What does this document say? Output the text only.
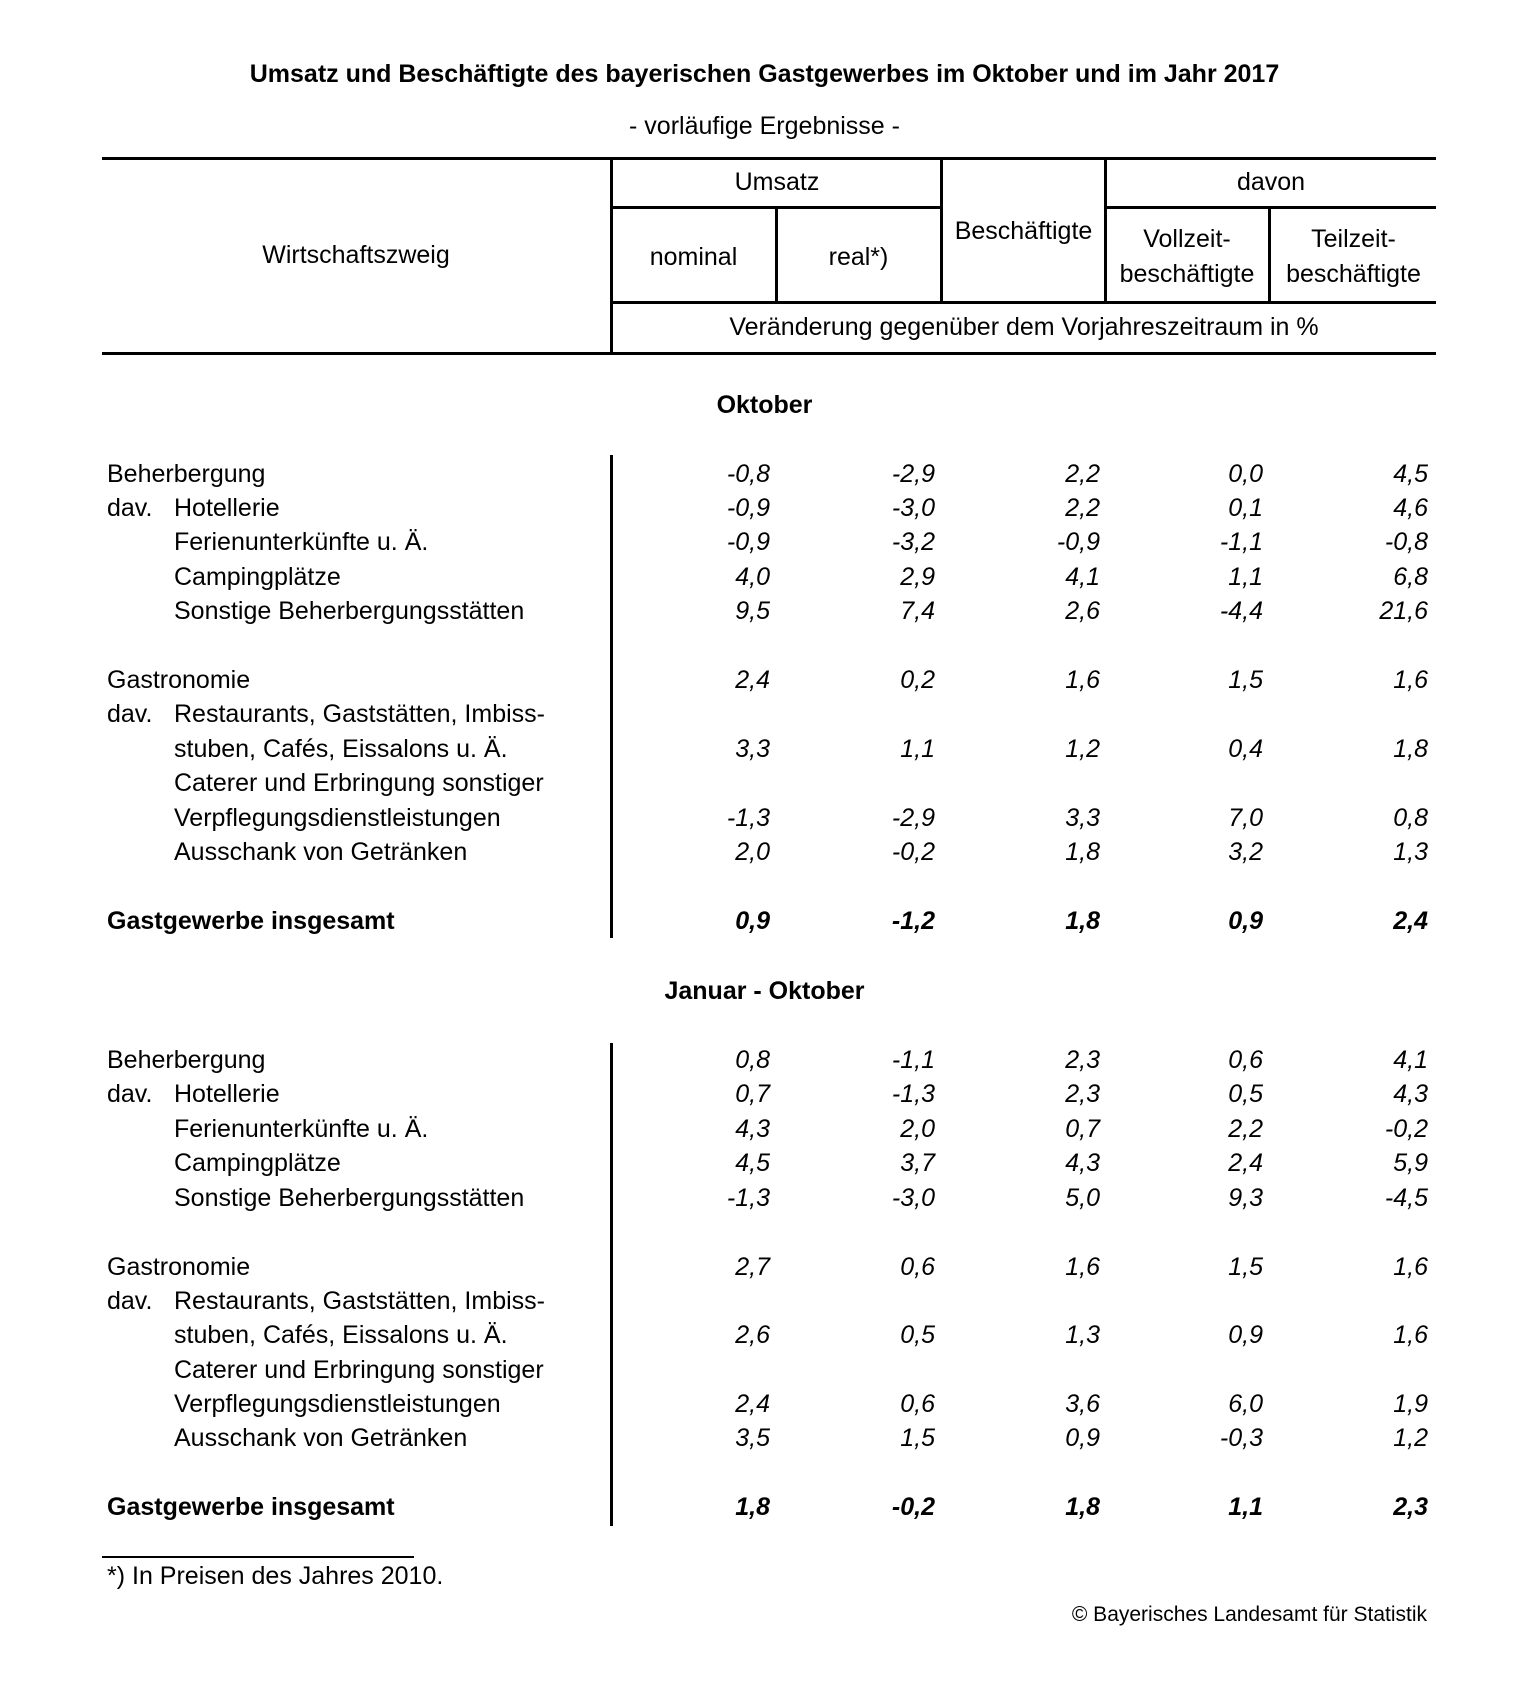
Umsatz und Beschäftigte des bayerischen Gastgewerbes im Oktober und im Jahr 2017
- vorläufige Ergebnisse -
Wirtschaftszweig
Umsatz
nominal	real*)
Beschäftigte
davon
Vollzeit-
beschäftigte
Teilzeit-
beschäftigte
Veränderung gegenüber dem Vorjahreszeitraum in %
Oktober
Beherbergung	-0,8	-2,9	2,2	0,0	4,5
dav. Hotellerie	-0,9	-3,0	2,2	0,1	4,6
Ferienunterkünfte u. Ä.	-0,9	-3,2	-0,9	-1,1	-0,8
Campingplätze	4,0	2,9	4,1	1,1	6,8
Sonstige Beherbergungsstätten	9,5	7,4	2,6	-4,4	21,6
Gastronomie	2,4	0,2	1,6	1,5	1,6
dav. Restaurants, Gaststätten, Imbiss-
stuben, Cafés, Eissalons u. Ä.	3,3	1,1	1,2	0,4	1,8
Caterer und Erbringung sonstiger
Verpflegungsdienstleistungen	-1,3	-2,9	3,3	7,0	0,8
Ausschank von Getränken	2,0	-0,2	1,8	3,2	1,3
Gastgewerbe insgesamt	0,9	-1,2	1,8	0,9	2,4
Januar - Oktober
Beherbergung	0,8	-1,1	2,3	0,6	4,1
dav. Hotellerie	0,7	-1,3	2,3	0,5	4,3
Ferienunterkünfte u. Ä.	4,3	2,0	0,7	2,2	-0,2
Campingplätze	4,5	3,7	4,3	2,4	5,9
Sonstige Beherbergungsstätten	-1,3	-3,0	5,0	9,3	-4,5
Gastronomie	2,7	0,6	1,6	1,5	1,6
dav. Restaurants, Gaststätten, Imbiss-
stuben, Cafés, Eissalons u. Ä.	2,6	0,5	1,3	0,9	1,6
Caterer und Erbringung sonstiger
Verpflegungsdienstleistungen	2,4	0,6	3,6	6,0	1,9
Ausschank von Getränken	3,5	1,5	0,9	-0,3	1,2
Gastgewerbe insgesamt	1,8	-0,2	1,8	1,1	2,3
*) In Preisen des Jahres 2010.
© Bayerisches Landesamt für Statistik
